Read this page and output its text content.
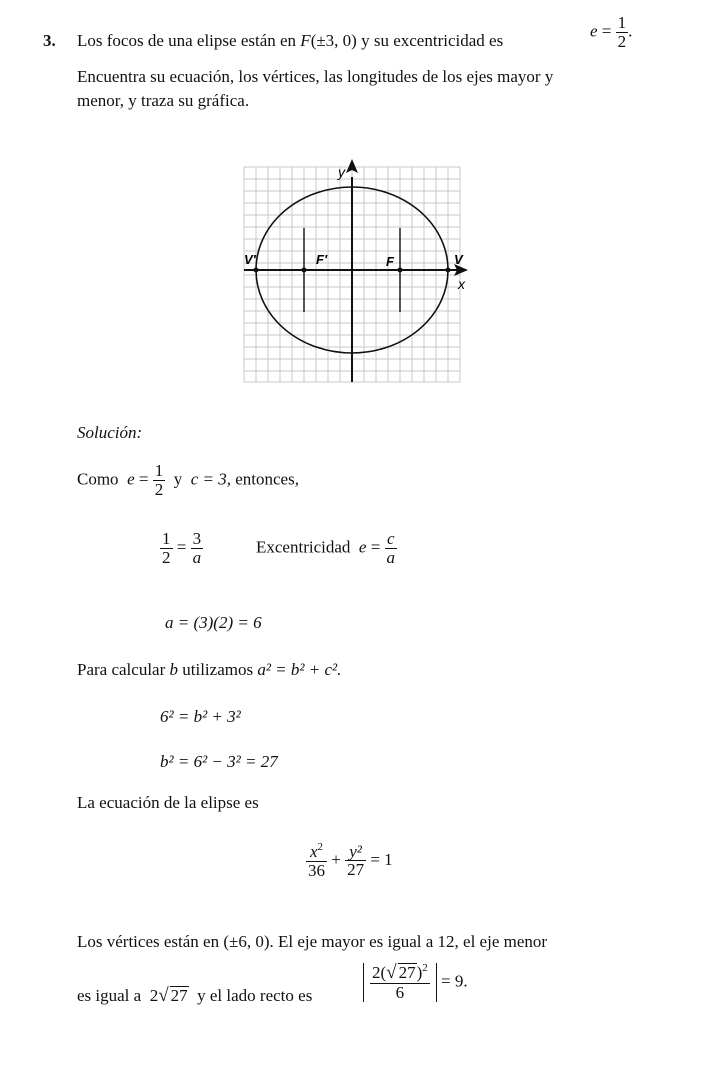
3. Los focos de una elipse están en F(±3, 0) y su excentricidad es
$e = \frac{1}{2}$ .
Encuentra su ecuación, los vértices, las longitudes de los ejes mayor y
menor, y traza su gráfica.
y
x
V′	V
F′	F
Solución:
Como $e = \frac{1}{2}$ y c = 3, entonces,
$\frac{1}{2} = \frac{3}{a}$	Excentricidad $e = \frac{c}{a}$
a = (3)(2) = 6
Para calcular b utilizamos a² = b² + c².
6² = b² + 3²
b² = 6² − 3² = 27
La ecuación de la elipse es
$\frac{x^2}{36} + \frac{\text{y²}}{27} = 1$
Los vértices están en (±6, 0). El eje mayor es igual a 12, el eje menor
es igual a 2√ 27 y el lado recto es	$\frac{2(√ 27)^2}{6} = 9$.
